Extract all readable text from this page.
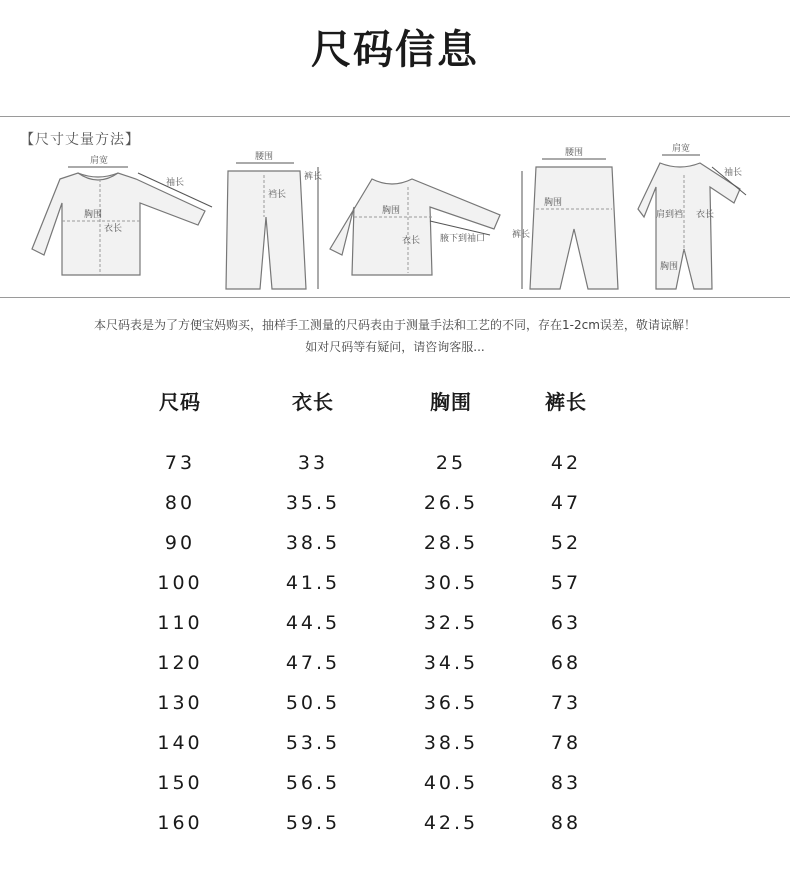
尺码信息
【尺寸丈量方法】
肩宽
胸围
衣长
袖长
腰围
裆长
裤长
胸围
衣长 腋下到袖口
腰围
胸围
裤长
肩宽
肩到裆
胸围
衣长
袖长
本尺码表是为了方便宝妈购买，抽样手工测量的尺码表由于测量手法和工艺的不同，存在1-2cm误差，敬请谅解！
如对尺码等有疑问，请咨询客服...
尺码	衣长	胸围	裤长
73	33	25	42
80	35.5	26.5	47
90	38.5	28.5	52
100	41.5	30.5	57
110	44.5	32.5	63
120	47.5	34.5	68
130	50.5	36.5	73
140	53.5	38.5	78
150	56.5	40.5	83
160	59.5	42.5	88
